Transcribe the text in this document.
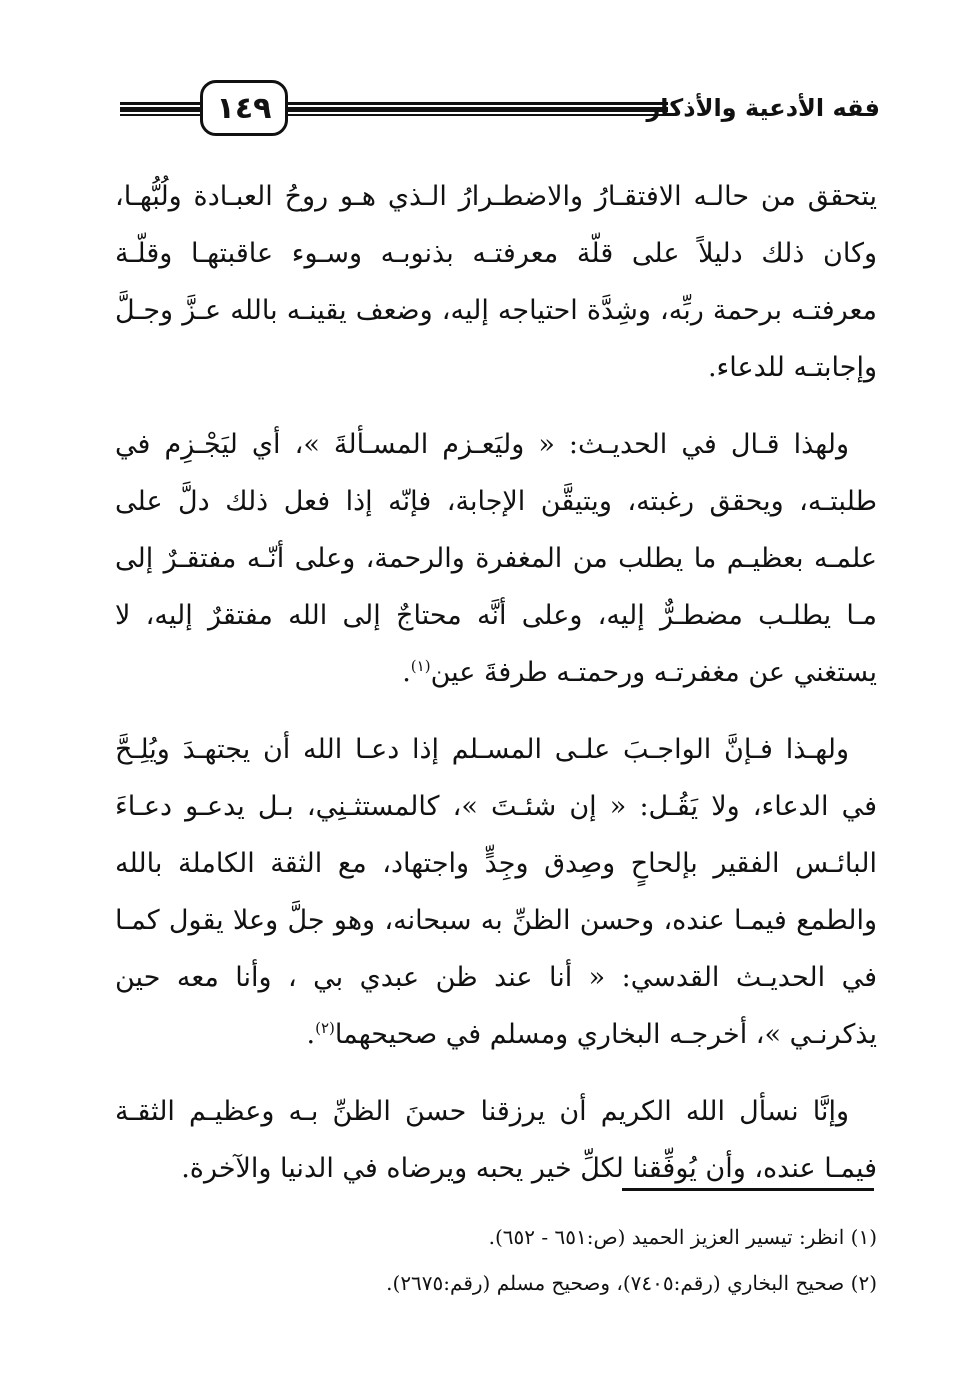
١٤٩	فقه الأدعية والأذكار

يتحقق من حالـه الافتقـارُ والاضطـرارُ الـذي هـو روحُ العبـادة ولُبُّهـا، وكان ذلك دليلاً على قلّة معرفتـه بذنوبـه وسـوء عاقبتهـا وقلّـة معرفتـه برحمة ربِّه، وشِدَّة احتياجه إليه، وضعف يقينـه بالله عـزَّ وجـلَّ وإجابتـه للدعاء.

ولهذا قـال في الحديـث: « وليَعـزم المسـألةَ »، أي ليَجْـزِم في طلبتـه، ويحقق رغبته، ويتيقَّن الإجابة، فإنّه إذا فعل ذلك دلَّ على علمـه بعظيـم ما يطلب من المغفرة والرحمة، وعلى أنّـه مفتقـرٌ إلى مـا يطلـب مضطـرٌّ إليه، وعلى أنَّه محتاجٌ إلى الله مفتقرٌ إليه، لا يستغني عن مغفرتـه ورحمتـه طرفةَ عين$^{(١)}$.

ولهـذا فـإنَّ الواجـبَ علـى المسـلم إذا دعـا الله أن يجتهـدَ ويُلِـحَّ في الدعاء، ولا يَقُـل: « إن شئـتَ »، كالمستثـنِي، بـل يدعـو دعـاءَ البائـس الفقير بإلحاحٍ وصِدق وجِدٍّ واجتهاد، مع الثقة الكاملة بالله والطمع فيمـا عنده، وحسن الظنِّ به سبحانه، وهو جلَّ وعلا يقول كمـا في الحديـث القدسي: « أنا عند ظن عبدي بي ، وأنا معه حين يذكرنـي »، أخرجـه البخاري ومسلم في صحيحهما$^{(٢)}$.

وإنَّا نسأل الله الكريم أن يرزقنا حسنَ الظنِّ بـه وعظيـم الثقـة فيمـا عنده، وأن يُوفِّقنا لكلِّ خير يحبه ويرضاه في الدنيا والآخرة.

(١) انظر: تيسير العزيز الحميد (ص:٦٥١ - ٦٥٢).

(٢) صحيح البخاري (رقم:٧٤٠٥)، وصحيح مسلم (رقم:٢٦٧٥).
